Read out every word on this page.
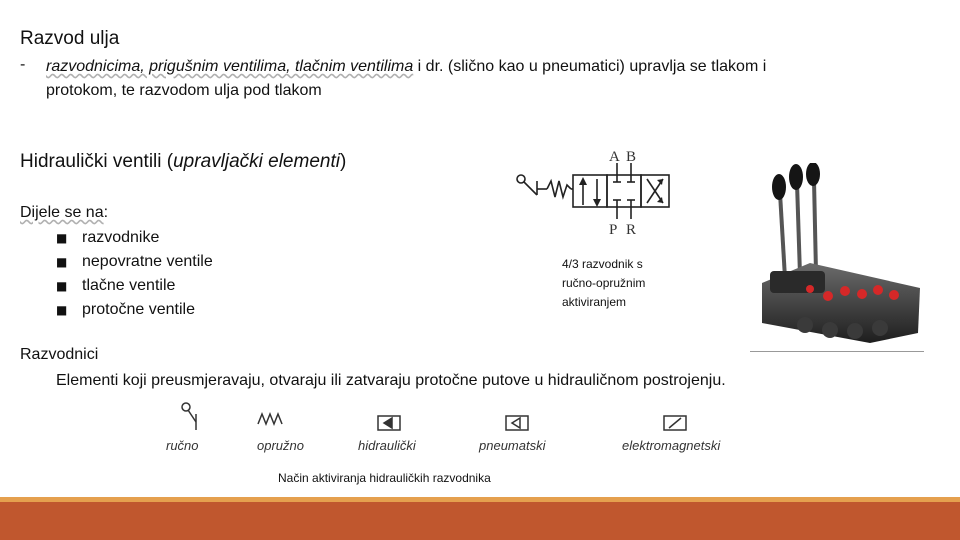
Razvod ulja
- razvodnicima, prigušnim ventilima, tlačnim ventilima i dr. (slično kao u pneumatici) upravlja se tlakom i
protokom, te razvodom ulja pod tlakom
Hidraulički ventili (upravljački elementi)
Dijele se na:
■ razvodnike
■ nepovratne ventile
■ tlačne ventile
■ protočne ventile
A B
P R
4/3 razvodnik s
ručno-opružnim
aktiviranjem
Razvodnici
Elementi koji preusmjeravaju, otvaraju ili zatvaraju protočne putove u hidrauličnom postrojenju.
ručno	opružno	hidraulički	pneumatski	elektromagnetski
Način aktiviranja hidrauličkih razvodnika
